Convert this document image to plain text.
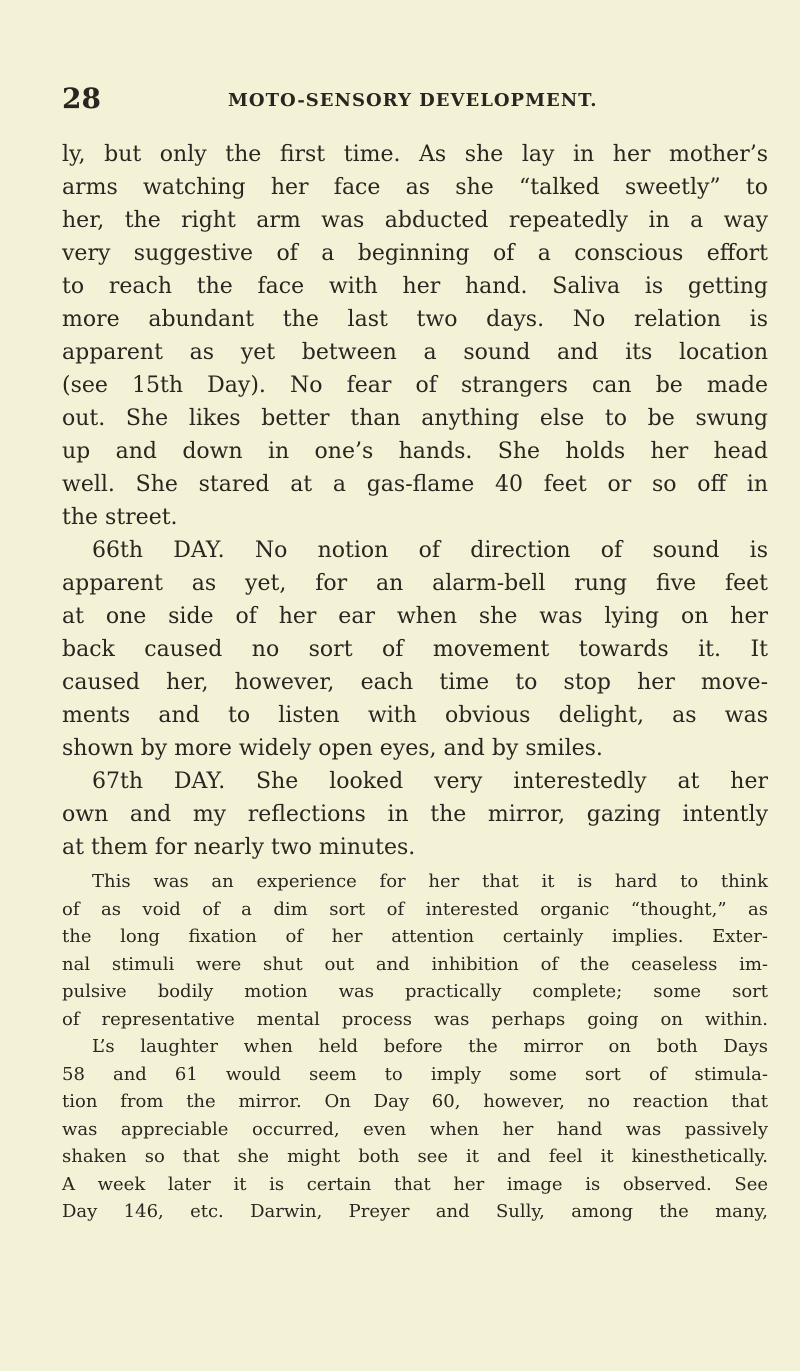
28	MOTO-SENSORY DEVELOPMENT.
ly, but only the first time. As she lay in her mother’s
arms watching her face as she “talked sweetly” to
her, the right arm was abducted repeatedly in a way
very suggestive of a beginning of a conscious effort
to reach the face with her hand. Saliva is getting
more abundant the last two days. No relation is
apparent as yet between a sound and its location
(see 15th Day). No fear of strangers can be made
out. She likes better than anything else to be swung
up and down in one’s hands. She holds her head
well. She stared at a gas-flame 40 feet or so off in
the street.
66th DAY. No notion of direction of sound is
apparent as yet, for an alarm-bell rung five feet
at one side of her ear when she was lying on her
back caused no sort of movement towards it. It
caused her, however, each time to stop her move-
ments and to listen with obvious delight, as was
shown by more widely open eyes, and by smiles.
67th DAY. She looked very interestedly at her
own and my reflections in the mirror, gazing intently
at them for nearly two minutes.
This was an experience for her that it is hard to think
of as void of a dim sort of interested organic “thought,” as
the long fixation of her attention certainly implies. Exter-
nal stimuli were shut out and inhibition of the ceaseless im-
pulsive bodily motion was practically complete; some sort
of representative mental process was perhaps going on within.
L’s laughter when held before the mirror on both Days
58 and 61 would seem to imply some sort of stimula-
tion from the mirror. On Day 60, however, no reaction that
was appreciable occurred, even when her hand was passively
shaken so that she might both see it and feel it kinesthetically.
A week later it is certain that her image is observed. See
Day 146, etc. Darwin, Preyer and Sully, among the many,
